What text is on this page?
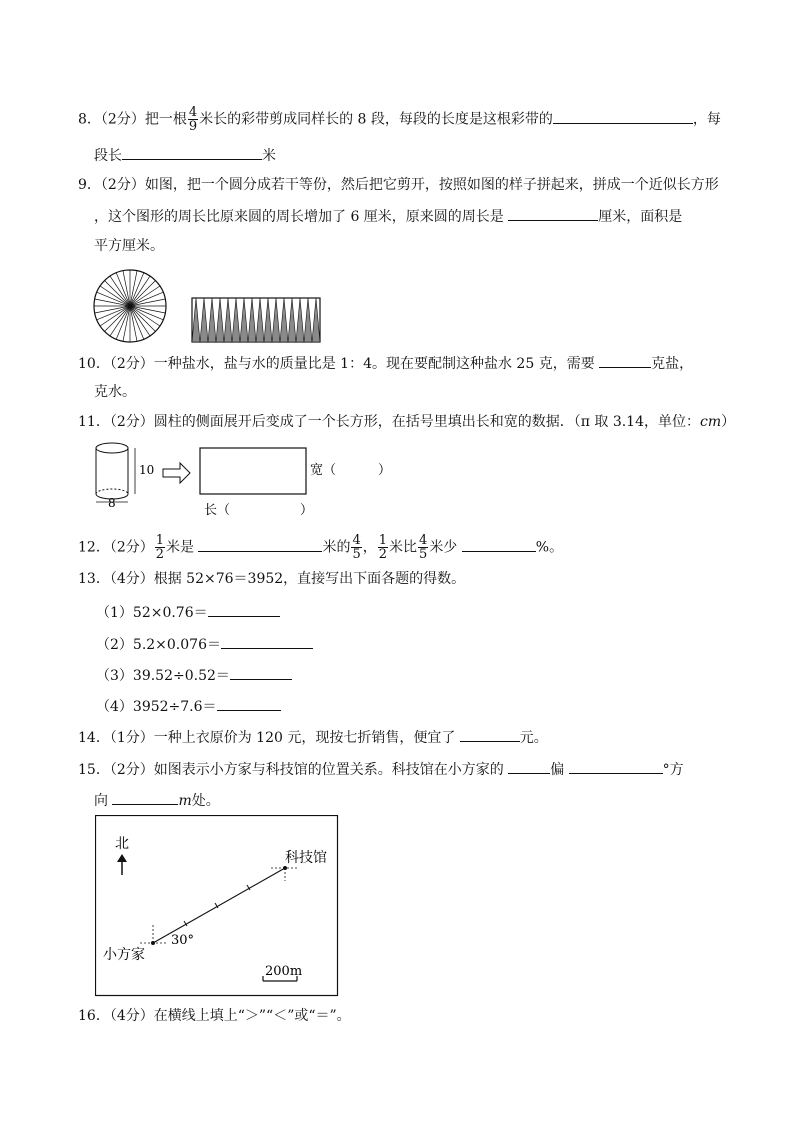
8．（2分）把一根 $\frac{4}{9}$ 米长的彩带剪成同样长的 8 段，每段的长度是这根彩带的	，每
段长	米
9．（2分）如图，把一个圆分成若干等份，然后把它剪开，按照如图的样子拼起来，拼成一个近似长方形
，这个图形的周长比原来圆的周长增加了 6 厘米，原来圆的周长是	厘米，面积是
平方厘米。
10．（2分）一种盐水，盐与水的质量比是 1：4。现在要配制这种盐水 25 克，需要	克盐，
克水。
11．（2分）圆柱的侧面展开后变成了一个长方形，在括号里填出长和宽的数据．（π 取 3.14，单位：cm）
10
8
宽（	）
长（	）
12．（2分） $\frac{1}{2}$ 米是	米的 $\frac{4}{5}$ ， $\frac{1}{2}$ 米比 $\frac{4}{5}$ 米少	%。
13．（4分）根据 52×76＝3952，直接写出下面各题的得数。
（1）52×0.76＝
（2）5.2×0.076＝
（3）39.52÷0.52＝
（4）3952÷7.6＝
14．（1分）一种上衣原价为 120 元，现按七折销售，便宜了	元。
15．（2分）如图表示小方家与科技馆的位置关系。科技馆在小方家的	偏	°方
向	m处。
北
科技馆
小方家
30°
200m
16．（4分）在横线上填上“＞”“＜”或“＝”。
